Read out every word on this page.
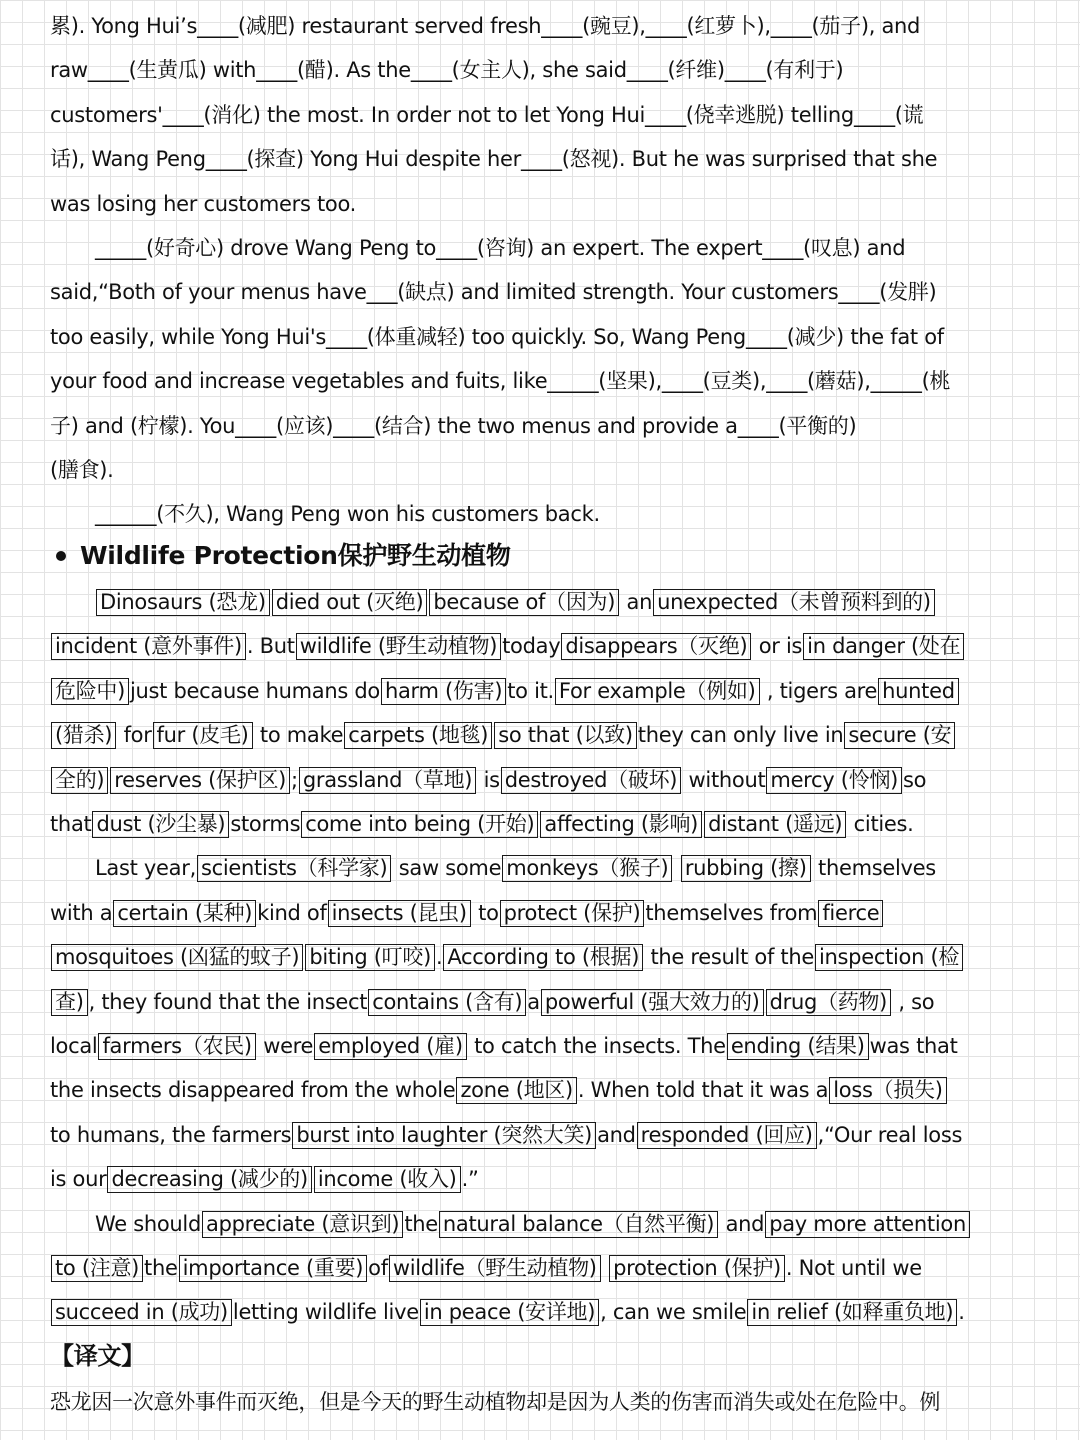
累). Yong Hui’s____(减肥) restaurant served fresh____(豌豆),____(红萝卜),____(茄子), and
raw____(生黄瓜) with____(醋). As the____(女主人), she said____(纤维)____(有利于)
customers'____(消化) the most. In order not to let Yong Hui____(侥幸逃脱) telling____(谎
话), Wang Peng____(探查) Yong Hui despite her____(怒视). But he was surprised that she
was losing her customers too.
_____(好奇心) drove Wang Peng to____(咨询) an expert. The expert____(叹息) and
said,“Both of your menus have___(缺点) and limited strength. Your customers____(发胖)
too easily, while Yong Hui's____(体重减轻) too quickly. So, Wang Peng____(减少) the fat of
your food and increase vegetables and fuits, like_____(坚果),____(豆类),____(蘑菇),_____(桃
子) and (柠檬). You____(应该)____(结合) the two menus and provide a____(平衡的)
(膳食).
______(不久), Wang Peng won his customers back.
Wildlife Protection保护野生动植物
Dinosaurs (恐龙) died out (灭绝) because of（因为) an unexpected（未曾预料到的)
incident (意外事件) . But wildlife (野生动植物) today disappears（灭绝) or is in danger (处在
危险中) just because humans do harm (伤害) to it. For example（例如) , tigers are hunted
(猎杀) for fur (皮毛) to make carpets (地毯) so that (以致) they can only live in secure (安
全的) reserves (保护区) ; grassland（草地) is destroyed（破坏) without mercy (怜悯) so
that dust (沙尘暴) storms come into being (开始) affecting (影响) distant (遥远) cities.
Last year, scientists（科学家) saw some monkeys（猴子) rubbing (擦) themselves
with a certain (某种) kind of insects (昆虫) to protect (保护) themselves from fierce
mosquitoes (凶猛的蚊子) biting (叮咬) . According to (根据) the result of the inspection (检
查) , they found that the insect contains (含有) a powerful (强大效力的) drug（药物) , so
local farmers（农民) were employed (雇) to catch the insects. The ending (结果) was that
the insects disappeared from the whole zone (地区) . When told that it was a loss（损失)
to humans, the farmers burst into laughter (突然大笑) and responded (回应) ,“Our real loss
is our decreasing (减少的) income (收入) .”
We should appreciate (意识到) the natural balance（自然平衡) and pay more attention
to (注意) the importance (重要) of wildlife（野生动植物) protection (保护) . Not until we
succeed in (成功) letting wildlife live in peace (安详地) , can we smile in relief (如释重负地) .
【译文】
恐龙因一次意外事件而灭绝，但是今天的野生动植物却是因为人类的伤害而消失或处在危险中。例
